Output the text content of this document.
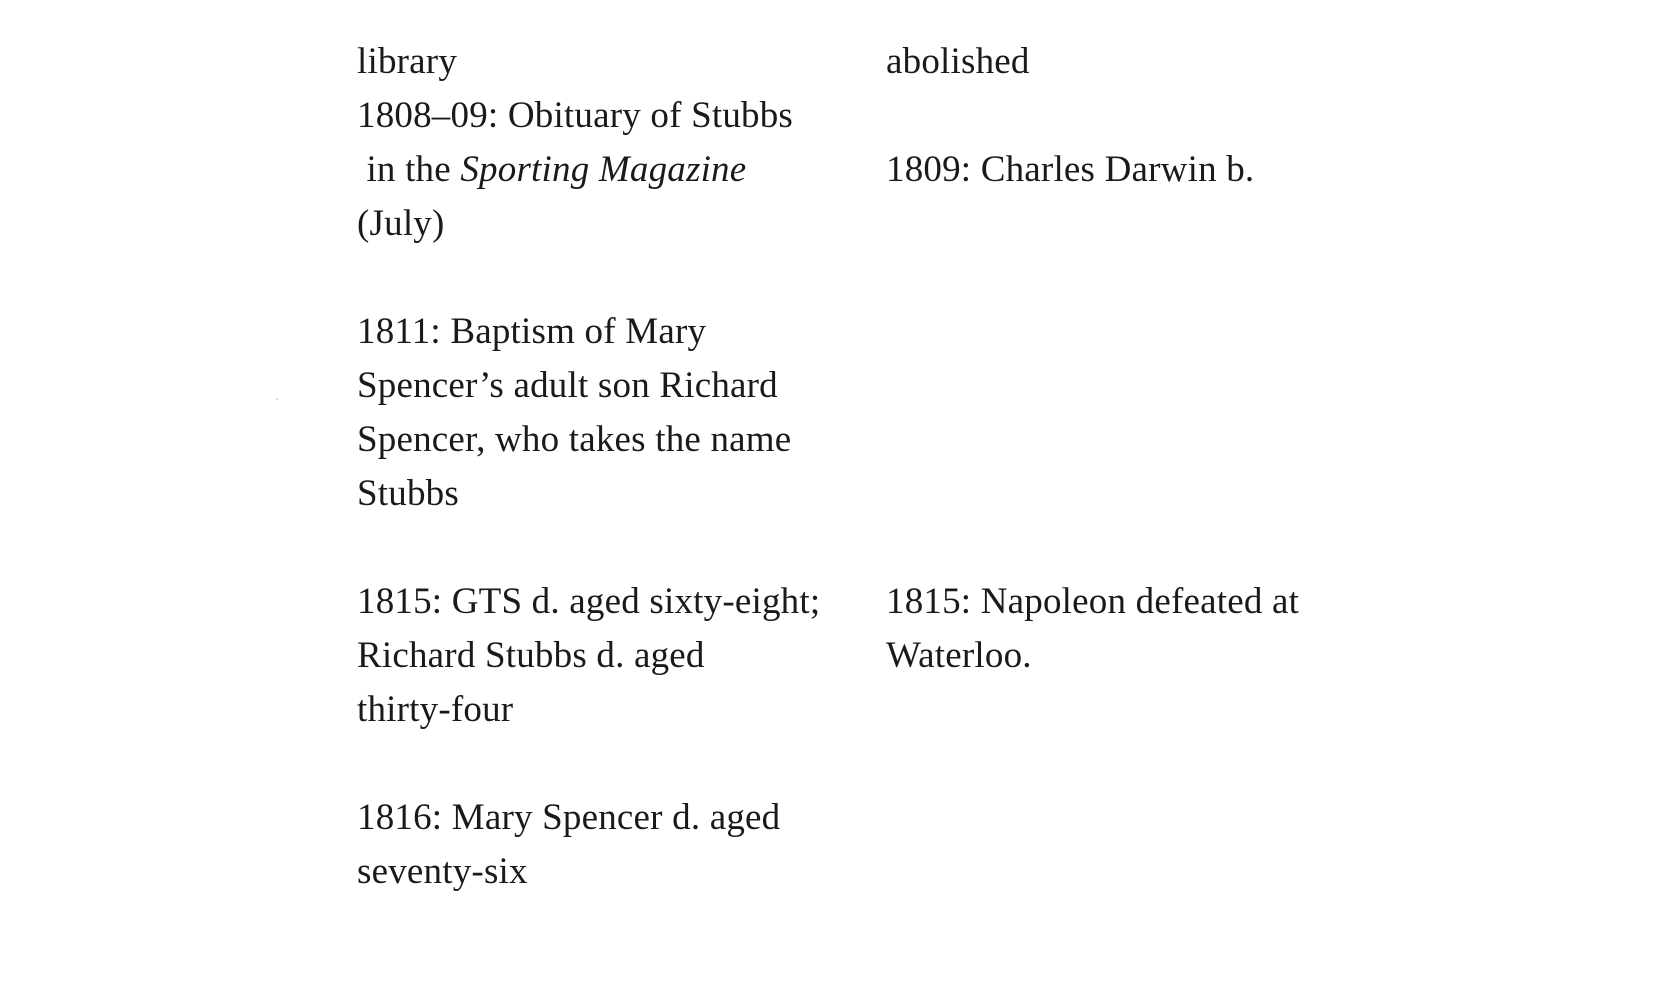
library
1808–09: Obituary of Stubbs
in the Sporting Magazine
(July)
1811: Baptism of Mary
Spencer’s adult son Richard
Spencer, who takes the name
Stubbs
1815: GTS d. aged sixty-eight;
Richard Stubbs d. aged
thirty-four
1816: Mary Spencer d. aged
seventy-six
abolished
1809: Charles Darwin b.
1815: Napoleon defeated at
Waterloo.
